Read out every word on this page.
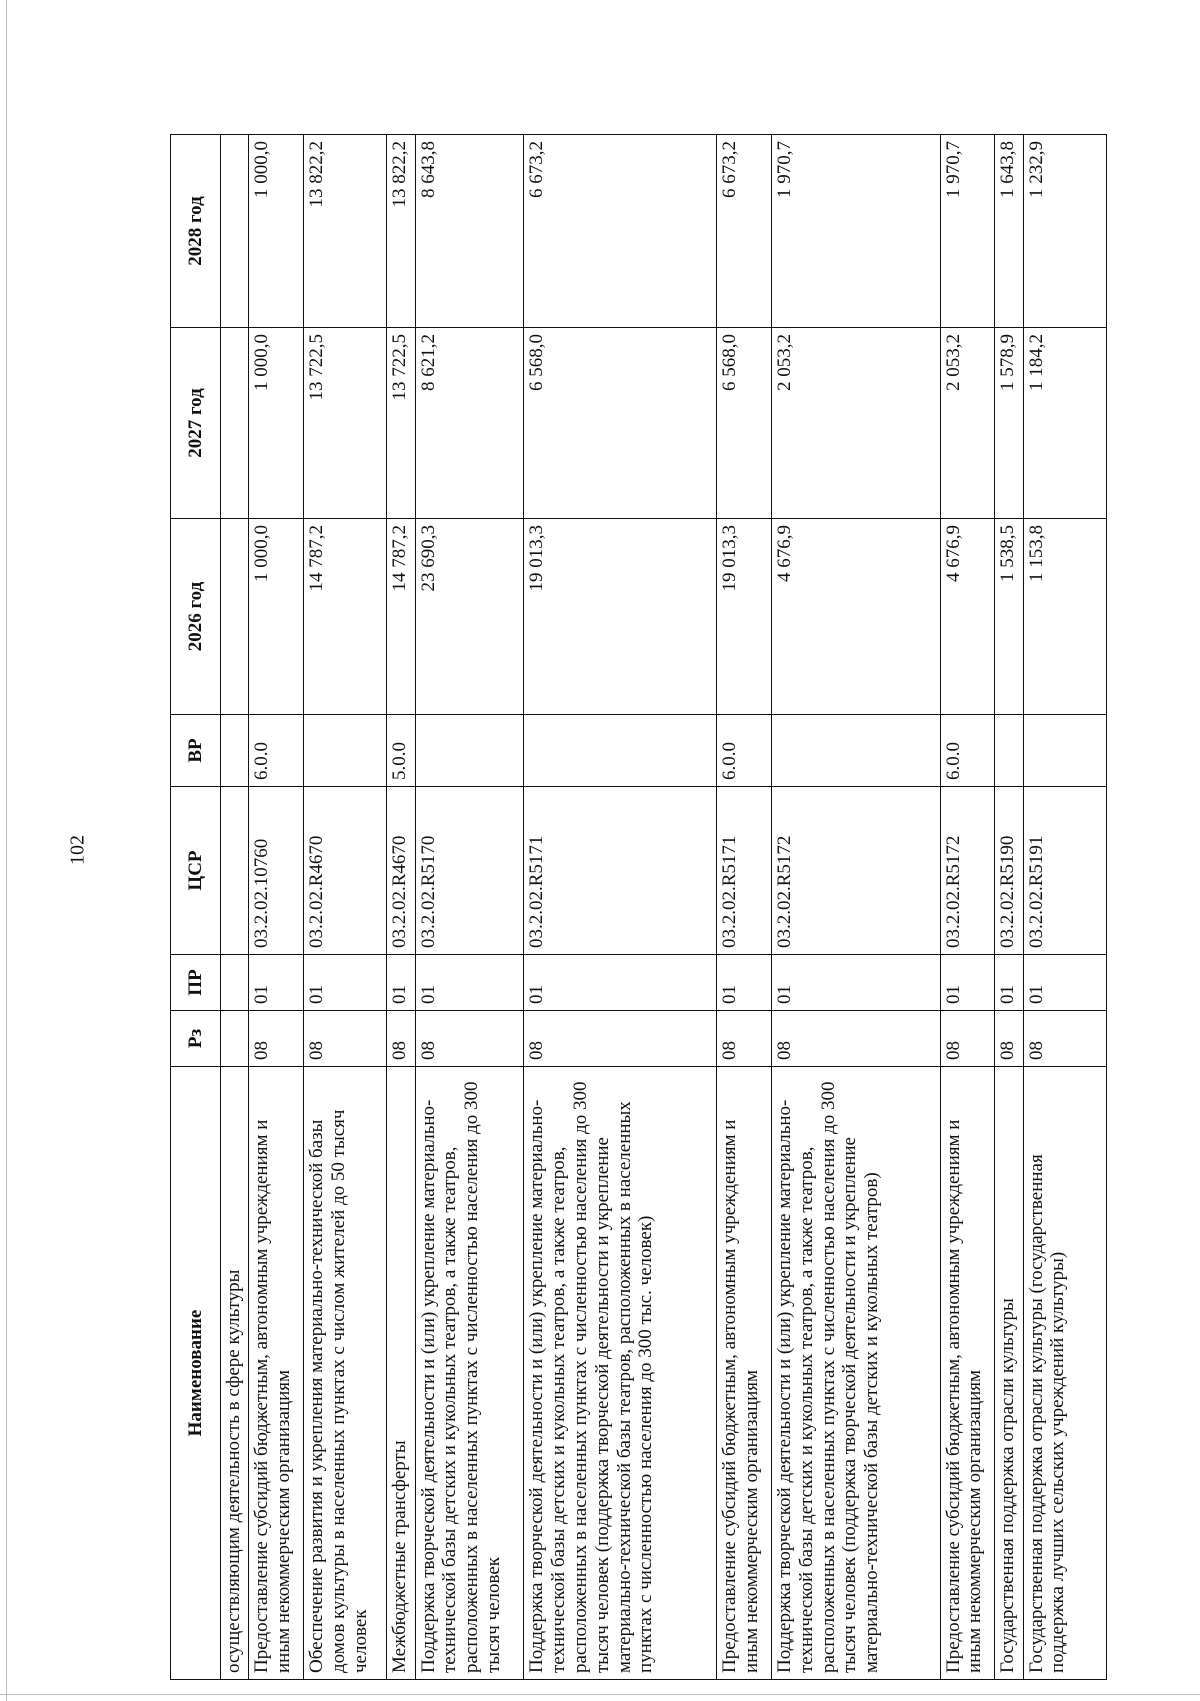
102
Наименование	Рз	ПР	ЦСР	ВР	2026 год	2027 год	2028 год
осуществляющим деятельность в сфере культуры							
Предоставление субсидий бюджетным, автономным учреждениям и иным некоммерческим организациям	08	01	03.2.02.10760	6.0.0	1 000,0	1 000,0	1 000,0
Обеспечение развития и укрепления материально-технической базы домов культуры в населенных пунктах с числом жителей до 50 тысяч человек	08	01	03.2.02.R4670		14 787,2	13 722,5	13 822,2
Межбюджетные трансферты	08	01	03.2.02.R4670	5.0.0	14 787,2	13 722,5	13 822,2
Поддержка творческой деятельности и (или) укрепление материально-технической базы детских и кукольных театров, а также театров, расположенных в населенных пунктах с численностью населения до 300 тысяч человек	08	01	03.2.02.R5170		23 690,3	8 621,2	8 643,8
Поддержка творческой деятельности и (или) укрепление материально-технической базы детских и кукольных театров, а также театров, расположенных в населенных пунктах с численностью населения до 300 тысяч человек (поддержка творческой деятельности и укрепление материально-технической базы театров, расположенных в населенных пунктах с численностью населения до 300 тыс. человек)	08	01	03.2.02.R5171		19 013,3	6 568,0	6 673,2
Предоставление субсидий бюджетным, автономным учреждениям и иным некоммерческим организациям	08	01	03.2.02.R5171	6.0.0	19 013,3	6 568,0	6 673,2
Поддержка творческой деятельности и (или) укрепление материально-технической базы детских и кукольных театров, а также театров, расположенных в населенных пунктах с численностью населения до 300 тысяч человек (поддержка творческой деятельности и укрепление материально-технической базы детских и кукольных театров)	08	01	03.2.02.R5172		4 676,9	2 053,2	1 970,7
Предоставление субсидий бюджетным, автономным учреждениям и иным некоммерческим организациям	08	01	03.2.02.R5172	6.0.0	4 676,9	2 053,2	1 970,7
Государственная поддержка отрасли культуры	08	01	03.2.02.R5190		1 538,5	1 578,9	1 643,8
Государственная поддержка отрасли культуры (государственная поддержка лучших сельских учреждений культуры)	08	01	03.2.02.R5191		1 153,8	1 184,2	1 232,9
